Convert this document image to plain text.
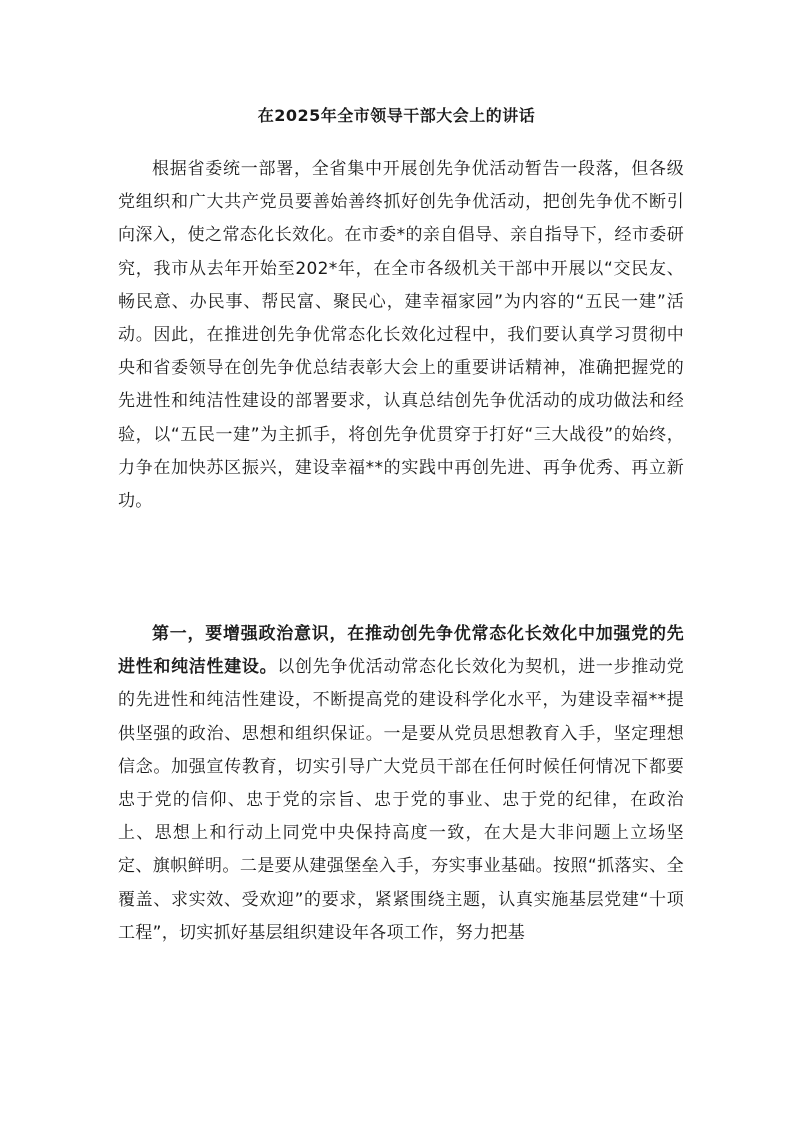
在2025年全市领导干部大会上的讲话

根据省委统一部署，全省集中开展创先争优活动暂告一段落，但各级党组织和广大共产党员要善始善终抓好创先争优活动，把创先争优不断引向深入，使之常态化长效化。在市委*的亲自倡导、亲自指导下，经市委研究，我市从去年开始至202*年，在全市各级机关干部中开展以“交民友、畅民意、办民事、帮民富、聚民心，建幸福家园”为内容的“五民一建”活动。因此，在推进创先争优常态化长效化过程中，我们要认真学习贯彻中央和省委领导在创先争优总结表彰大会上的重要讲话精神，准确把握党的先进性和纯洁性建设的部署要求，认真总结创先争优活动的成功做法和经验，以“五民一建”为主抓手，将创先争优贯穿于打好“三大战役”的始终，力争在加快苏区振兴，建设幸福**的实践中再创先进、再争优秀、再立新功。

第一，要增强政治意识，在推动创先争优常态化长效化中加强党的先进性和纯洁性建设。以创先争优活动常态化长效化为契机，进一步推动党的先进性和纯洁性建设，不断提高党的建设科学化水平，为建设幸福**提供坚强的政治、思想和组织保证。一是要从党员思想教育入手，坚定理想信念。加强宣传教育，切实引导广大党员干部在任何时候任何情况下都要忠于党的信仰、忠于党的宗旨、忠于党的事业、忠于党的纪律，在政治上、思想上和行动上同党中央保持高度一致，在大是大非问题上立场坚定、旗帜鲜明。二是要从建强堡垒入手，夯实事业基础。按照“抓落实、全覆盖、求实效、受欢迎”的要求，紧紧围绕主题，认真实施基层党建“十项工程”，切实抓好基层组织建设年各项工作，努力把基
